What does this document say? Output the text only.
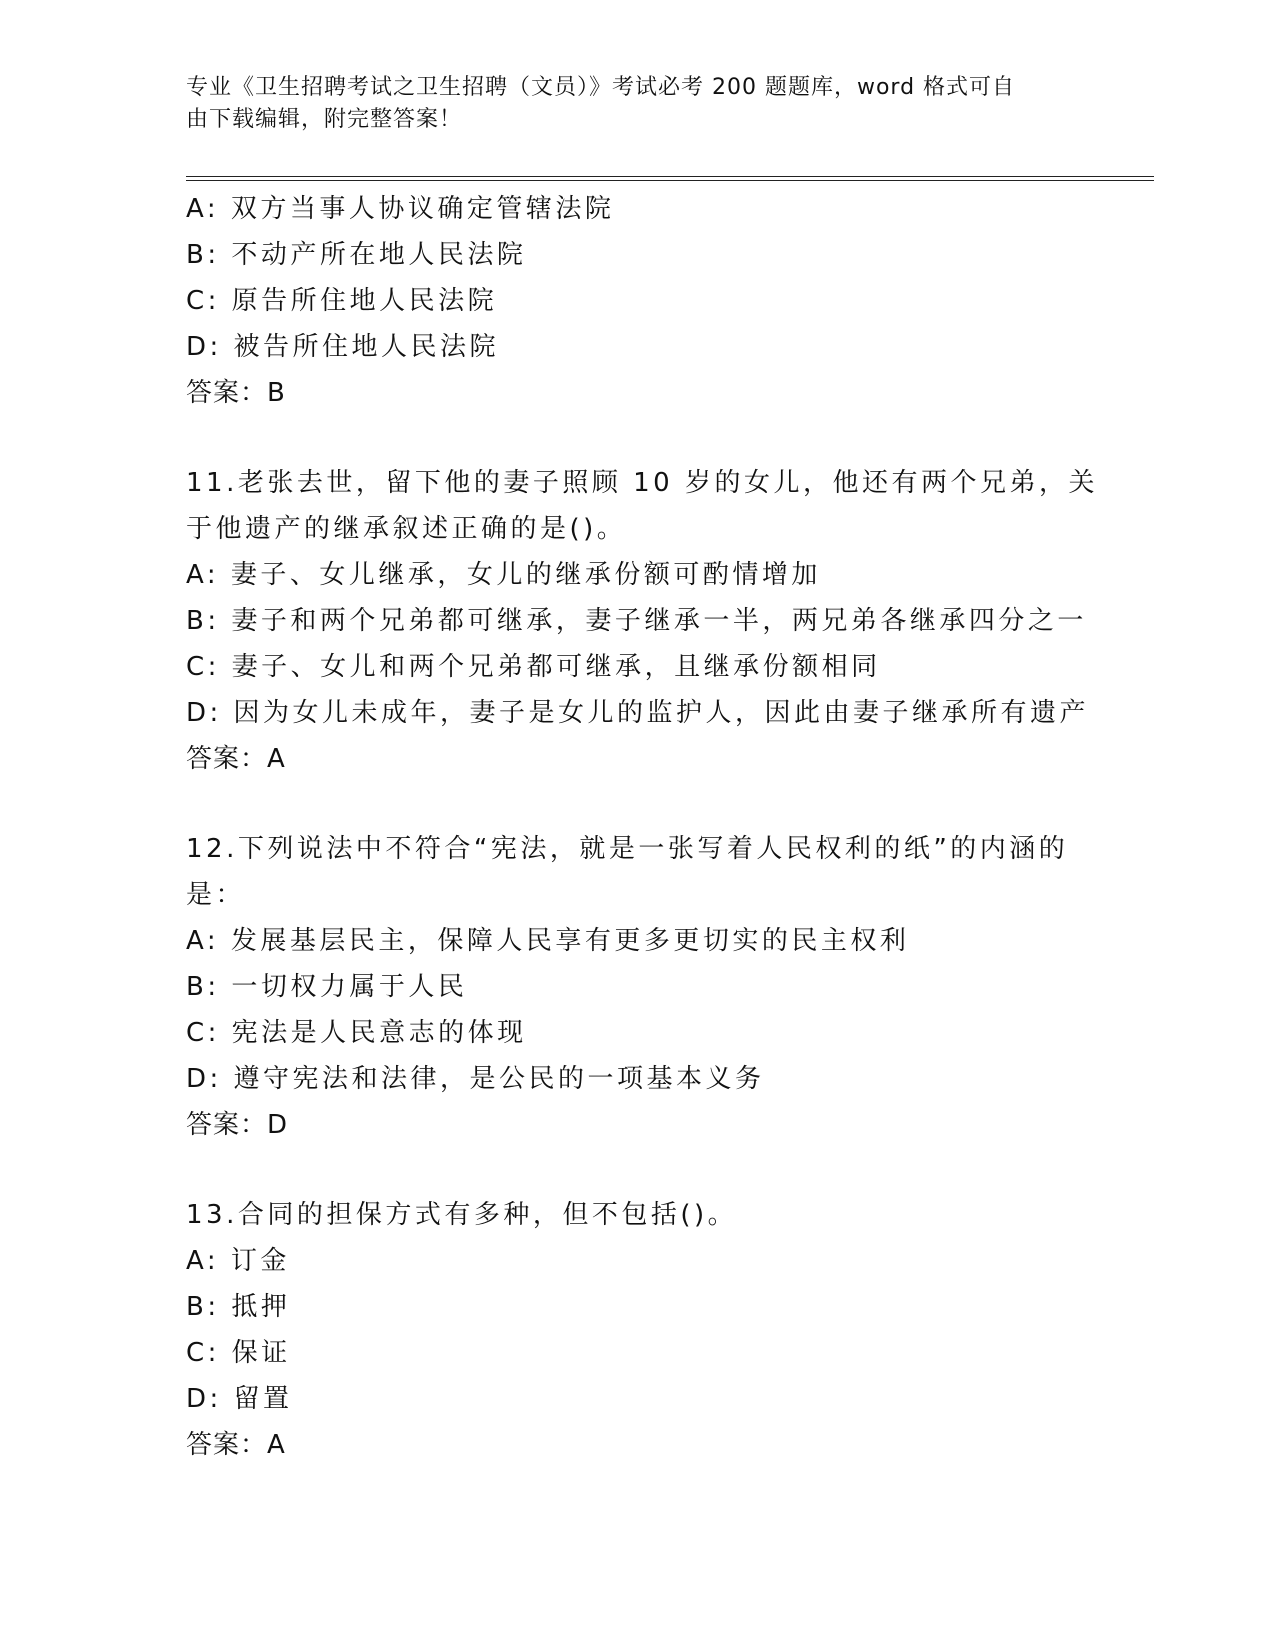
专业《卫生招聘考试之卫生招聘（文员）》考试必考 200 题题库，word 格式可自
由下载编辑，附完整答案！
A: 双方当事人协议确定管辖法院
B: 不动产所在地人民法院
C: 原告所住地人民法院
D: 被告所住地人民法院
答案：B
11.老张去世，留下他的妻子照顾 10 岁的女儿，他还有两个兄弟，关
于他遗产的继承叙述正确的是()。
A: 妻子、女儿继承，女儿的继承份额可酌情增加
B: 妻子和两个兄弟都可继承，妻子继承一半，两兄弟各继承四分之一
C: 妻子、女儿和两个兄弟都可继承，且继承份额相同
D: 因为女儿未成年，妻子是女儿的监护人，因此由妻子继承所有遗产
答案：A
12.下列说法中不符合“宪法，就是一张写着人民权利的纸”的内涵的
是：
A: 发展基层民主，保障人民享有更多更切实的民主权利
B: 一切权力属于人民
C: 宪法是人民意志的体现
D: 遵守宪法和法律，是公民的一项基本义务
答案：D
13.合同的担保方式有多种，但不包括()。
A: 订金
B: 抵押
C: 保证
D: 留置
答案：A
